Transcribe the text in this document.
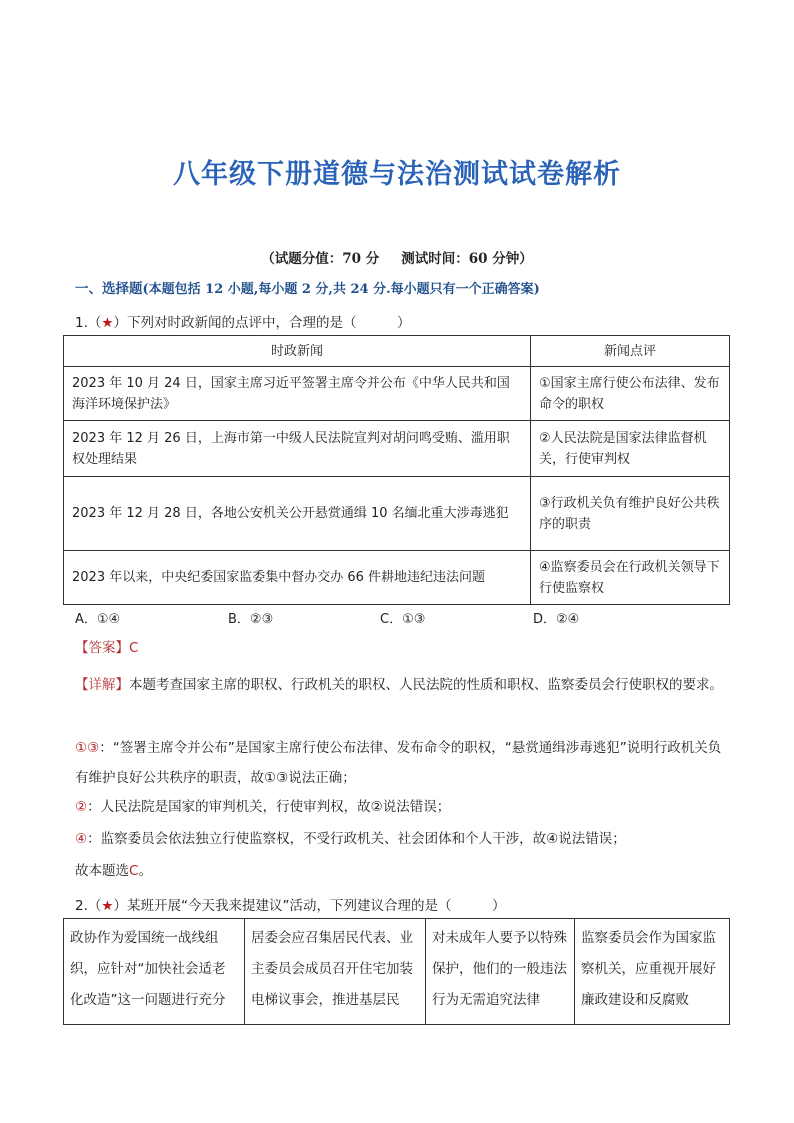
八年级下册道德与法治测试试卷解析
（试题分值：70 分 测试时间：60 分钟）
一、选择题(本题包括 12 小题,每小题 2 分,共 24 分.每小题只有一个正确答案)
1.（★）下列对时政新闻的点评中，合理的是（　　　）
时政新闻	新闻点评
2023 年 10 月 24 日，国家主席习近平签署主席令并公布《中华人民共和国海洋环境保护法》	①国家主席行使公布法律、发布命令的职权
2023 年 12 月 26 日，上海市第一中级人民法院宣判对胡问鸣受贿、滥用职权处理结果	②人民法院是国家法律监督机关，行使审判权
2023 年 12 月 28 日，各地公安机关公开悬赏通缉 10 名缅北重大涉毒逃犯	③行政机关负有维护良好公共秩序的职责
2023 年以来，中央纪委国家监委集中督办交办 66 件耕地违纪违法问题	④监察委员会在行政机关领导下行使监察权
A．①④	B．②③	C．①③	D．②④
【答案】C
【详解】本题考查国家主席的职权、行政机关的职权、人民法院的性质和职权、监察委员会行使职权的要求。
①③：“签署主席令并公布”是国家主席行使公布法律、发布命令的职权，“悬赏通缉涉毒逃犯”说明行政机关负有维护良好公共秩序的职责，故①③说法正确；
②：人民法院是国家的审判机关，行使审判权，故②说法错误；
④：监察委员会依法独立行使监察权，不受行政机关、社会团体和个人干涉，故④说法错误；
故本题选C。
2.（★）某班开展“今天我来提建议”活动，下列建议合理的是（　　　）
政协作为爱国统一战线组织，应针对“加快社会适老化改造”这一问题进行充分	居委会应召集居民代表、业主委员会成员召开住宅加装电梯议事会，推进基层民	对未成年人要予以特殊保护，他们的一般违法行为无需追究法律	监察委员会作为国家监察机关，应重视开展好廉政建设和反腐败
